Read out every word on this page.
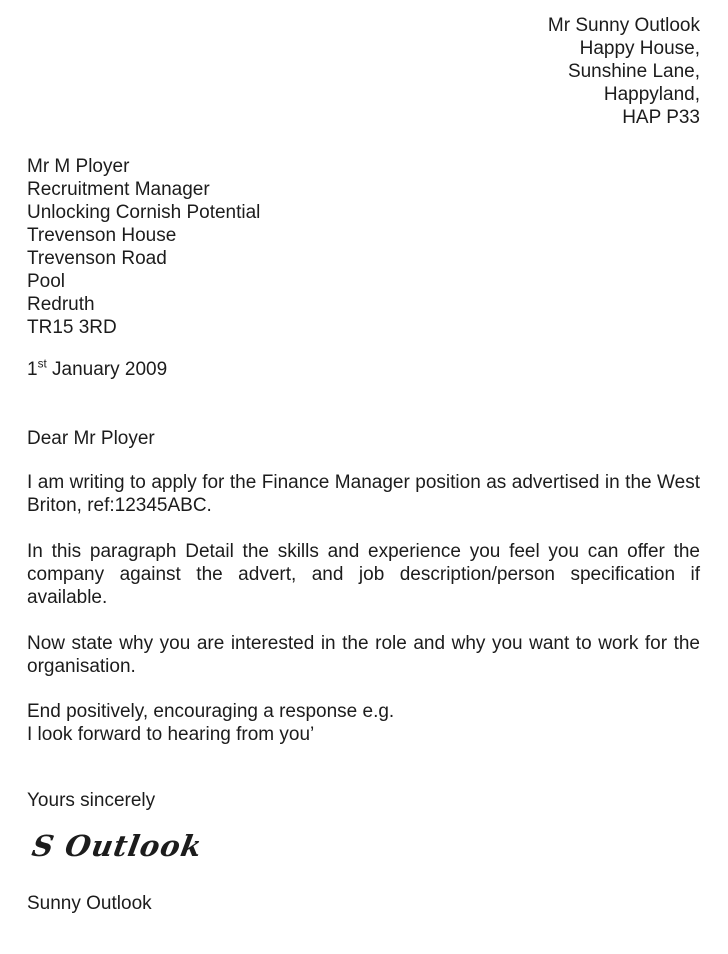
Mr Sunny Outlook
Happy House,
Sunshine Lane,
Happyland,
HAP P33
Mr M Ployer
Recruitment Manager
Unlocking Cornish Potential
Trevenson House
Trevenson Road
Pool
Redruth
TR15 3RD
1st January 2009
Dear Mr Ployer

I am writing to apply for the Finance Manager position as advertised in the West Briton, ref:12345ABC.

In this paragraph Detail the skills and experience you feel you can offer the company against the advert, and job description/person specification if available.

Now state why you are interested in the role and why you want to work for the organisation.

End positively, encouraging a response e.g.
I look forward to hearing from you’
Yours sincerely
S Outlook
Sunny Outlook
